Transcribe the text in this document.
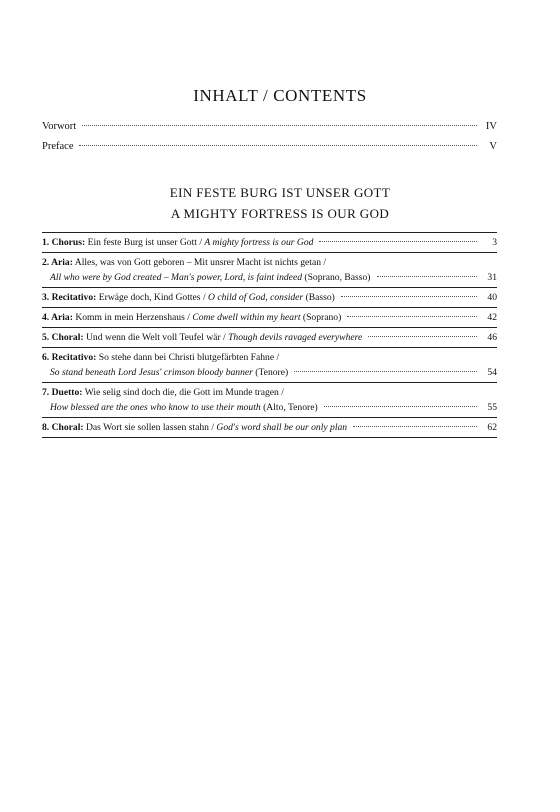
INHALT / CONTENTS
Vorwort	IV
Preface	V
EIN FESTE BURG IST UNSER GOTT
A MIGHTY FORTRESS IS OUR GOD
1. Chorus: Ein feste Burg ist unser Gott / A mighty fortress is our God	3
2. Aria: Alles, was von Gott geboren – Mit unsrer Macht ist nichts getan /
All who were by God created – Man's power, Lord, is faint indeed (Soprano, Basso)	31
3. Recitativo: Erwäge doch, Kind Gottes / O child of God, consider (Basso)	40
4. Aria: Komm in mein Herzenshaus / Come dwell within my heart (Soprano)	42
5. Choral: Und wenn die Welt voll Teufel wär / Though devils ravaged everywhere	46
6. Recitativo: So stehe dann bei Christi blutgefärbten Fahne /
So stand beneath Lord Jesus' crimson bloody banner (Tenore)	54
7. Duetto: Wie selig sind doch die, die Gott im Munde tragen /
How blessed are the ones who know to use their mouth (Alto, Tenore)	55
8. Choral: Das Wort sie sollen lassen stahn / God's word shall be our only plan	62
